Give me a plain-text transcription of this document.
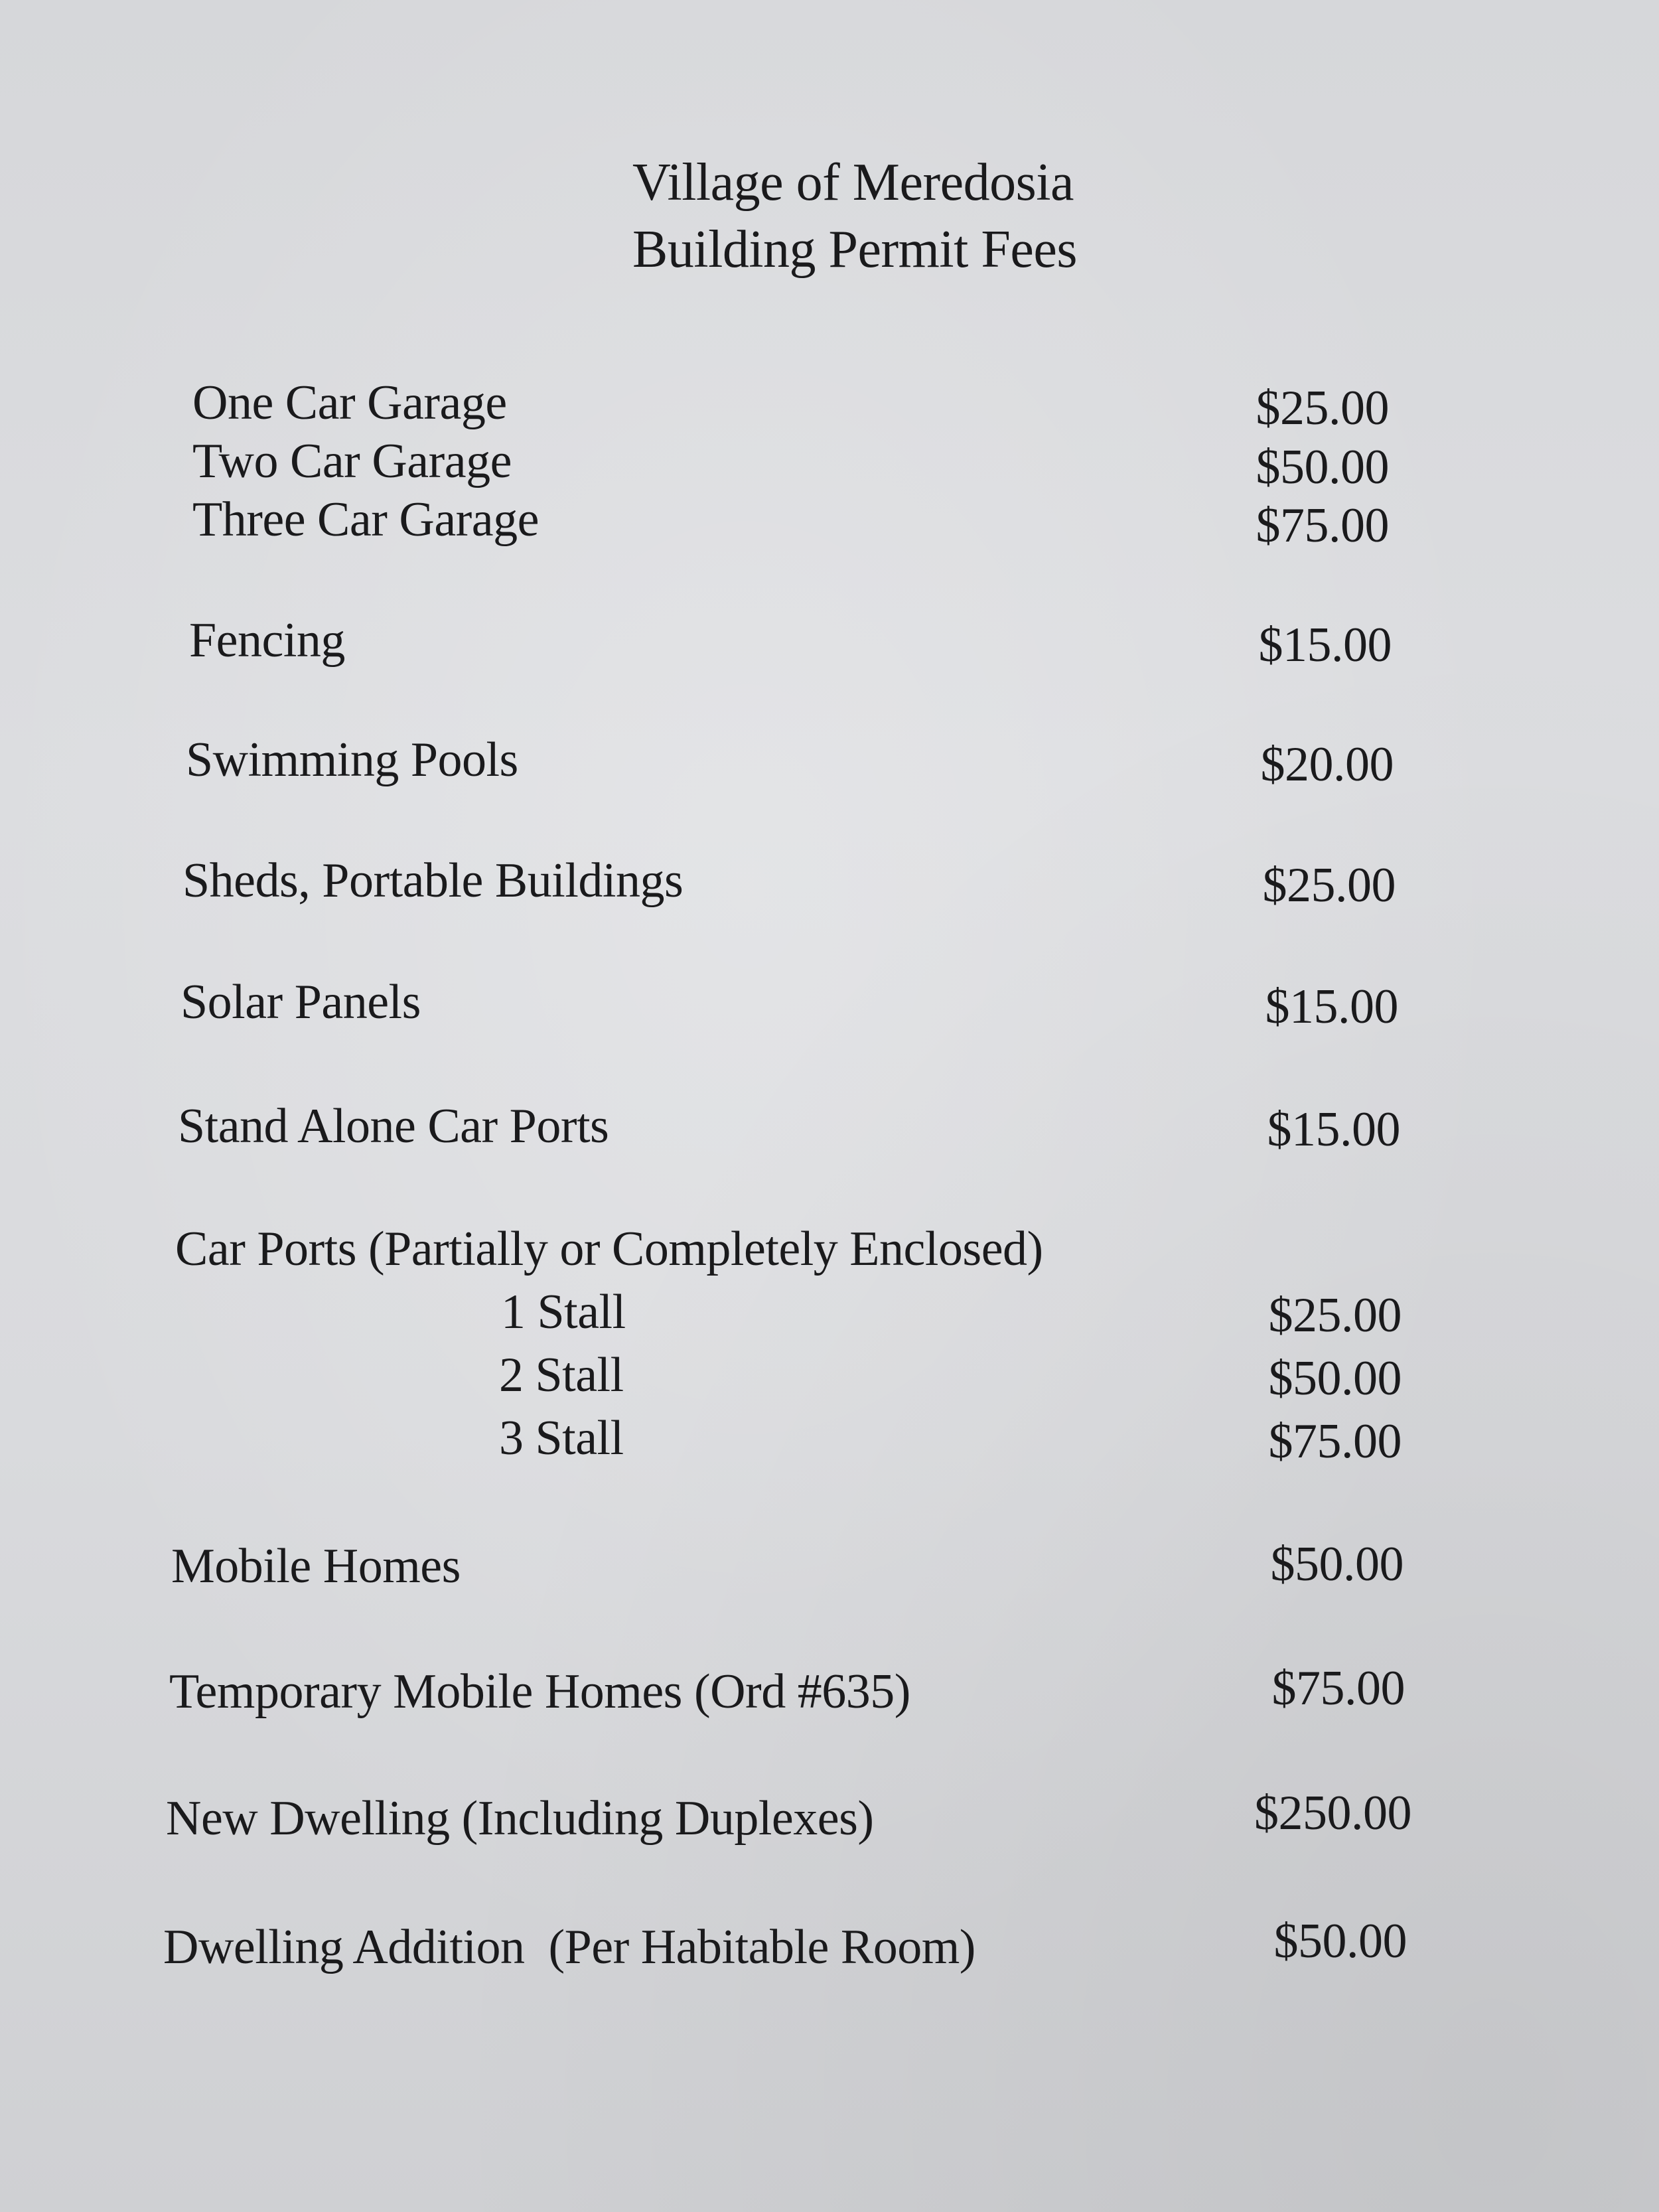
Village of Meredosia
Building Permit Fees
One Car Garage	$25.00
Two Car Garage	$50.00
Three Car Garage	$75.00
Fencing	$15.00
Swimming Pools	$20.00
Sheds, Portable Buildings	$25.00
Solar Panels	$15.00
Stand Alone Car Ports	$15.00
Car Ports (Partially or Completely Enclosed)
1 Stall	$25.00
2 Stall	$50.00
3 Stall	$75.00
Mobile Homes	$50.00
Temporary Mobile Homes (Ord #635)	$75.00
New Dwelling (Including Duplexes)	$250.00
Dwelling Addition  (Per Habitable Room)	$50.00
